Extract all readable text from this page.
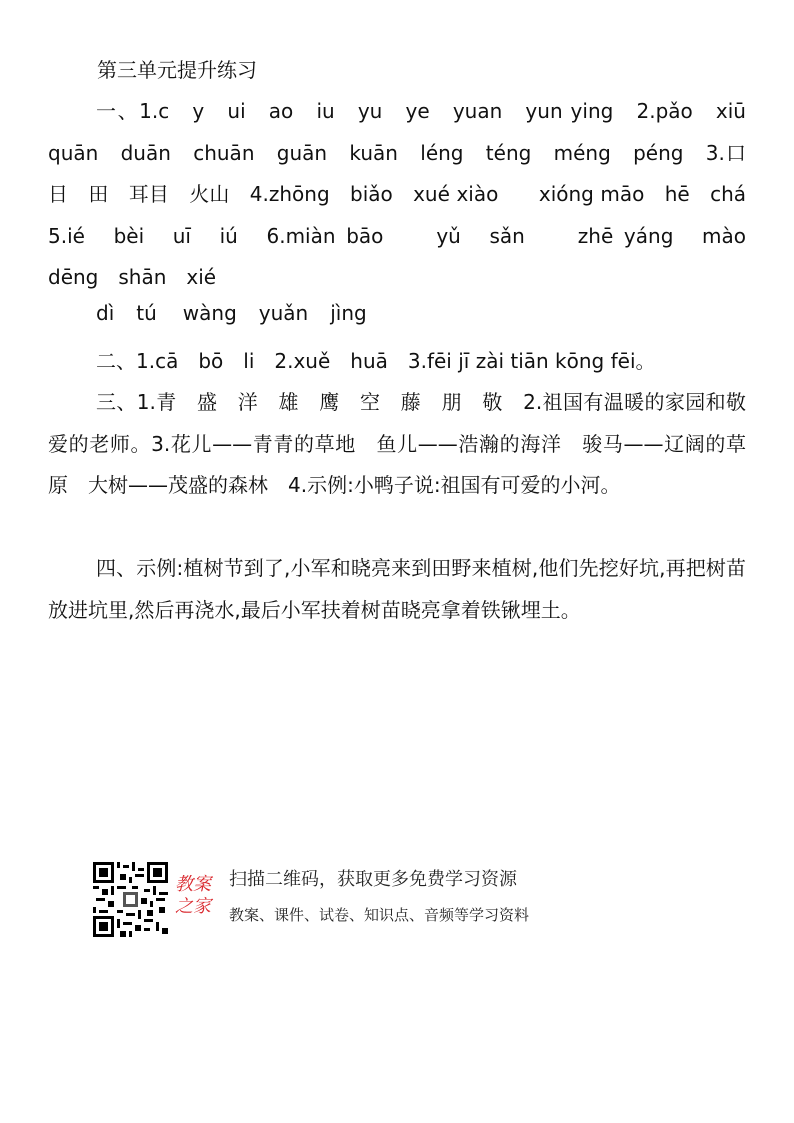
第三单元提升练习
一、1.c　y　ui　ao　iu　yu　ye　yuan　yun ying　2.pǎo　xiū　quān　duān　chuān　guān　kuān　léng　téng　méng　péng　3.口　日　田　耳目　火山　4.zhōng　biǎo　xué xiào　　xióng māo　hē　chá　5.ié　bèi　uī　iú　6.miàn bāo　　yǔ　sǎn　　zhē yáng　mào　　dēng　shān　xié
dì tú wàng yuǎn jìng
二、1.cā　bō　li　2.xuě　huā　3.fēi jī zài tiān kōng fēi。
三、1.青　盛　洋　雄　鹰　空　藤　朋　敬　2.祖国有温暖的家园和敬爱的老师。3.花儿——青青的草地　鱼儿——浩瀚的海洋　骏马——辽阔的草原　大树——茂盛的森林　4.示例:小鸭子说:祖国有可爱的小河。
四、示例:植树节到了,小军和晓亮来到田野来植树,他们先挖好坑,再把树苗放进坑里,然后再浇水,最后小军扶着树苗晓亮拿着铁锹埋土。
教案
之家
扫描二维码，获取更多免费学习资源
教案、课件、试卷、知识点、音频等学习资料
